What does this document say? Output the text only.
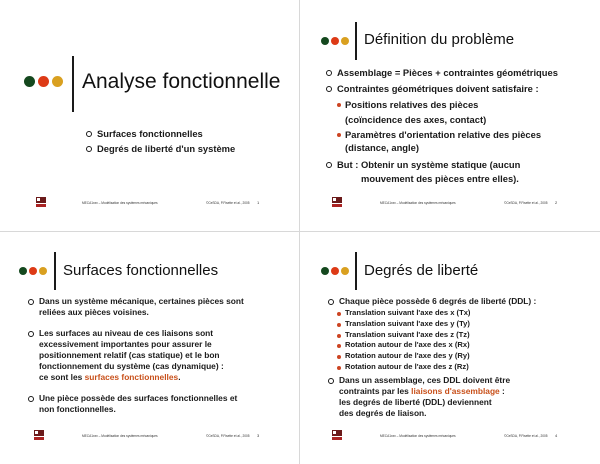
Analyse fonctionnelle
Surfaces fonctionnelles
Degrés de liberté d'un système
MECA1xxx – Modélisation des systèmes mécaniques	©CeSDA, P.Fisette et al., 2005 1
Définition du problème
Assemblage = Pièces + contraintes géométriques
Contraintes géométriques doivent satisfaire :
Positions relatives des pièces
(coïncidence des axes, contact)
Paramètres d'orientation relative des pièces
(distance, angle)
But : Obtenir un système statique (aucun
mouvement des pièces entre elles).
MECA1xxx – Modélisation des systèmes mécaniques	©CeSDA, P.Fisette et al., 2005 2
Surfaces fonctionnelles
Dans un système mécanique, certaines pièces sont
reliées aux pièces voisines.
Les surfaces au niveau de ces liaisons sont
excessivement importantes pour assurer le
positionnement relatif (cas statique) et le bon
fonctionnement du système (cas dynamique) :
ce sont les surfaces fonctionnelles.
Une pièce possède des surfaces fonctionnelles et
non fonctionnelles.
MECA1xxx – Modélisation des systèmes mécaniques	©CeSDA, P.Fisette et al., 2005 3
Degrés de liberté
Chaque pièce possède 6 degrés de liberté (DDL) :
Translation suivant l'axe des x (Tx)
Translation suivant l'axe des y (Ty)
Translation suivant l'axe des z (Tz)
Rotation autour de l'axe des x (Rx)
Rotation autour de l'axe des y (Ry)
Rotation autour de l'axe des z (Rz)
Dans un assemblage, ces DDL doivent être
contraints par les liaisons d'assemblage :
les degrés de liberté (DDL) deviennent
des degrés de liaison.
MECA1xxx – Modélisation des systèmes mécaniques	©CeSDA, P.Fisette et al., 2005 4
